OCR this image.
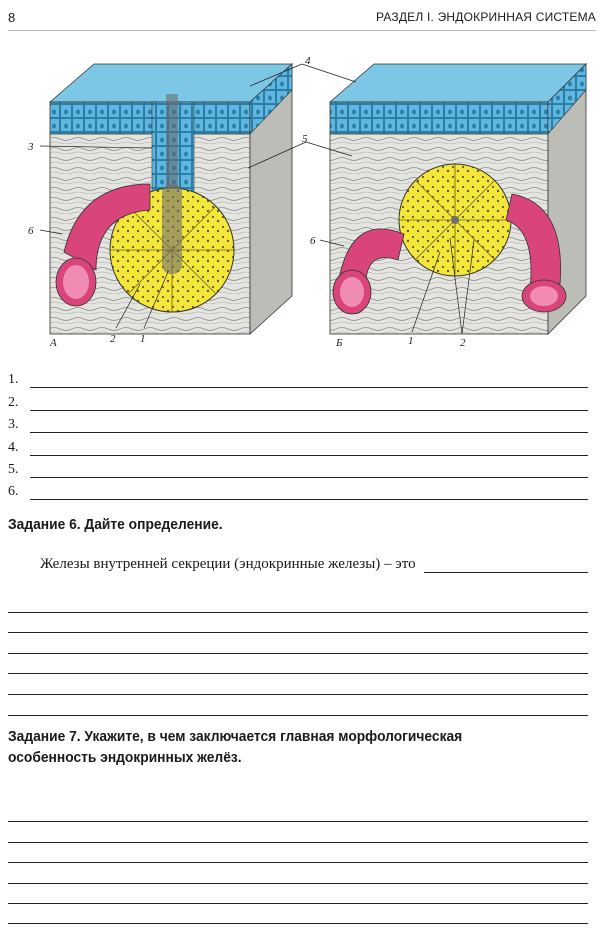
8	РАЗДЕЛ I. ЭНДОКРИННАЯ СИСТЕМА
4
5
3
6
6
А	2 1	Б	1	2
1.
2.
3.
4.
5.
6.
Задание 6. Дайте определение.
Железы внутренней секреции (эндокринные железы) – это
Задание 7. Укажите, в чем заключается главная морфологическая особенность эндокринных желёз.
